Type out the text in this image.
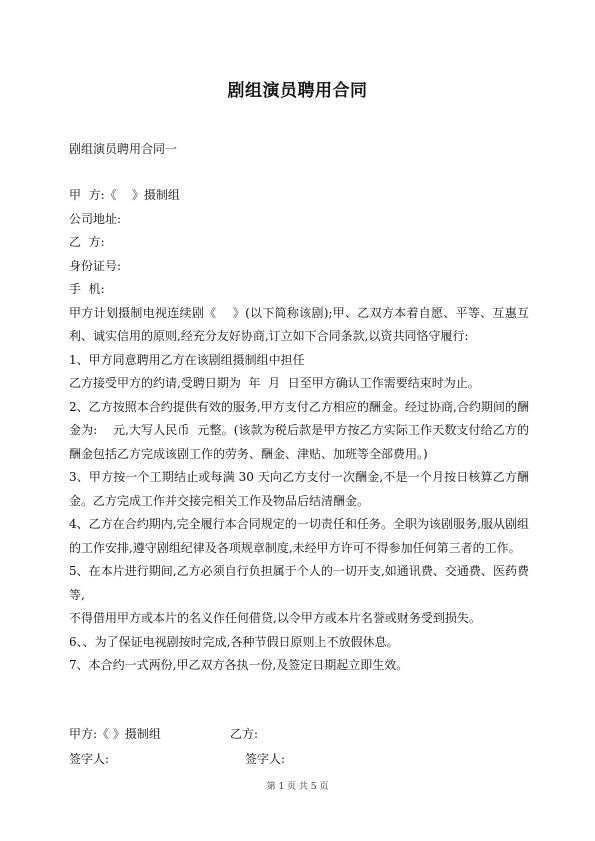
剧组演员聘用合同
剧组演员聘用合同一
甲  方:《    》摄制组
公司地址:
乙  方:
身份证号:
手  机:
甲方计划摄制电视连续剧《    》(以下简称该剧);甲、乙双方本着自愿、平等、互惠互利、诚实信用的原则,经充分友好协商,订立如下合同条款,以资共同恪守履行:
1、甲方同意聘用乙方在该剧组摄制组中担任
乙方接受甲方的约请,受聘日期为  年  月  日至甲方确认工作需要结束时为止。
2、乙方按照本合约提供有效的服务,甲方支付乙方相应的酬金。经过协商,合约期间的酬金为:    元,大写人民币  元整。(该款为税后款是甲方按乙方实际工作天数支付给乙方的酬金包括乙方完成该剧工作的劳务、酬金、津贴、加班等全部费用。)
3、甲方按一个工期结止或每满 30 天向乙方支付一次酬金,不是一个月按日核算乙方酬金。乙方完成工作并交接完相关工作及物品后结清酬金。
4、乙方在合约期内,完全履行本合同规定的一切责任和任务。全职为该剧服务,服从剧组的工作安排,遵守剧组纪律及各项规章制度,未经甲方许可不得参加任何第三者的工作。
5、在本片进行期间,乙方必须自行负担属于个人的一切开支,如通讯费、交通费、医药费等,
不得借用甲方或本片的名义作任何借贷,以令甲方或本片名誉或财务受到损失。
6、、为了保证电视剧按时完成,各种节假日原则上不放假休息。
7、本合约一式两份,甲乙双方各执一份,及签定日期起立即生效。
甲方:《 》摄制组	乙方:
签字人:	签字人:
第 1 页 共 5 页
